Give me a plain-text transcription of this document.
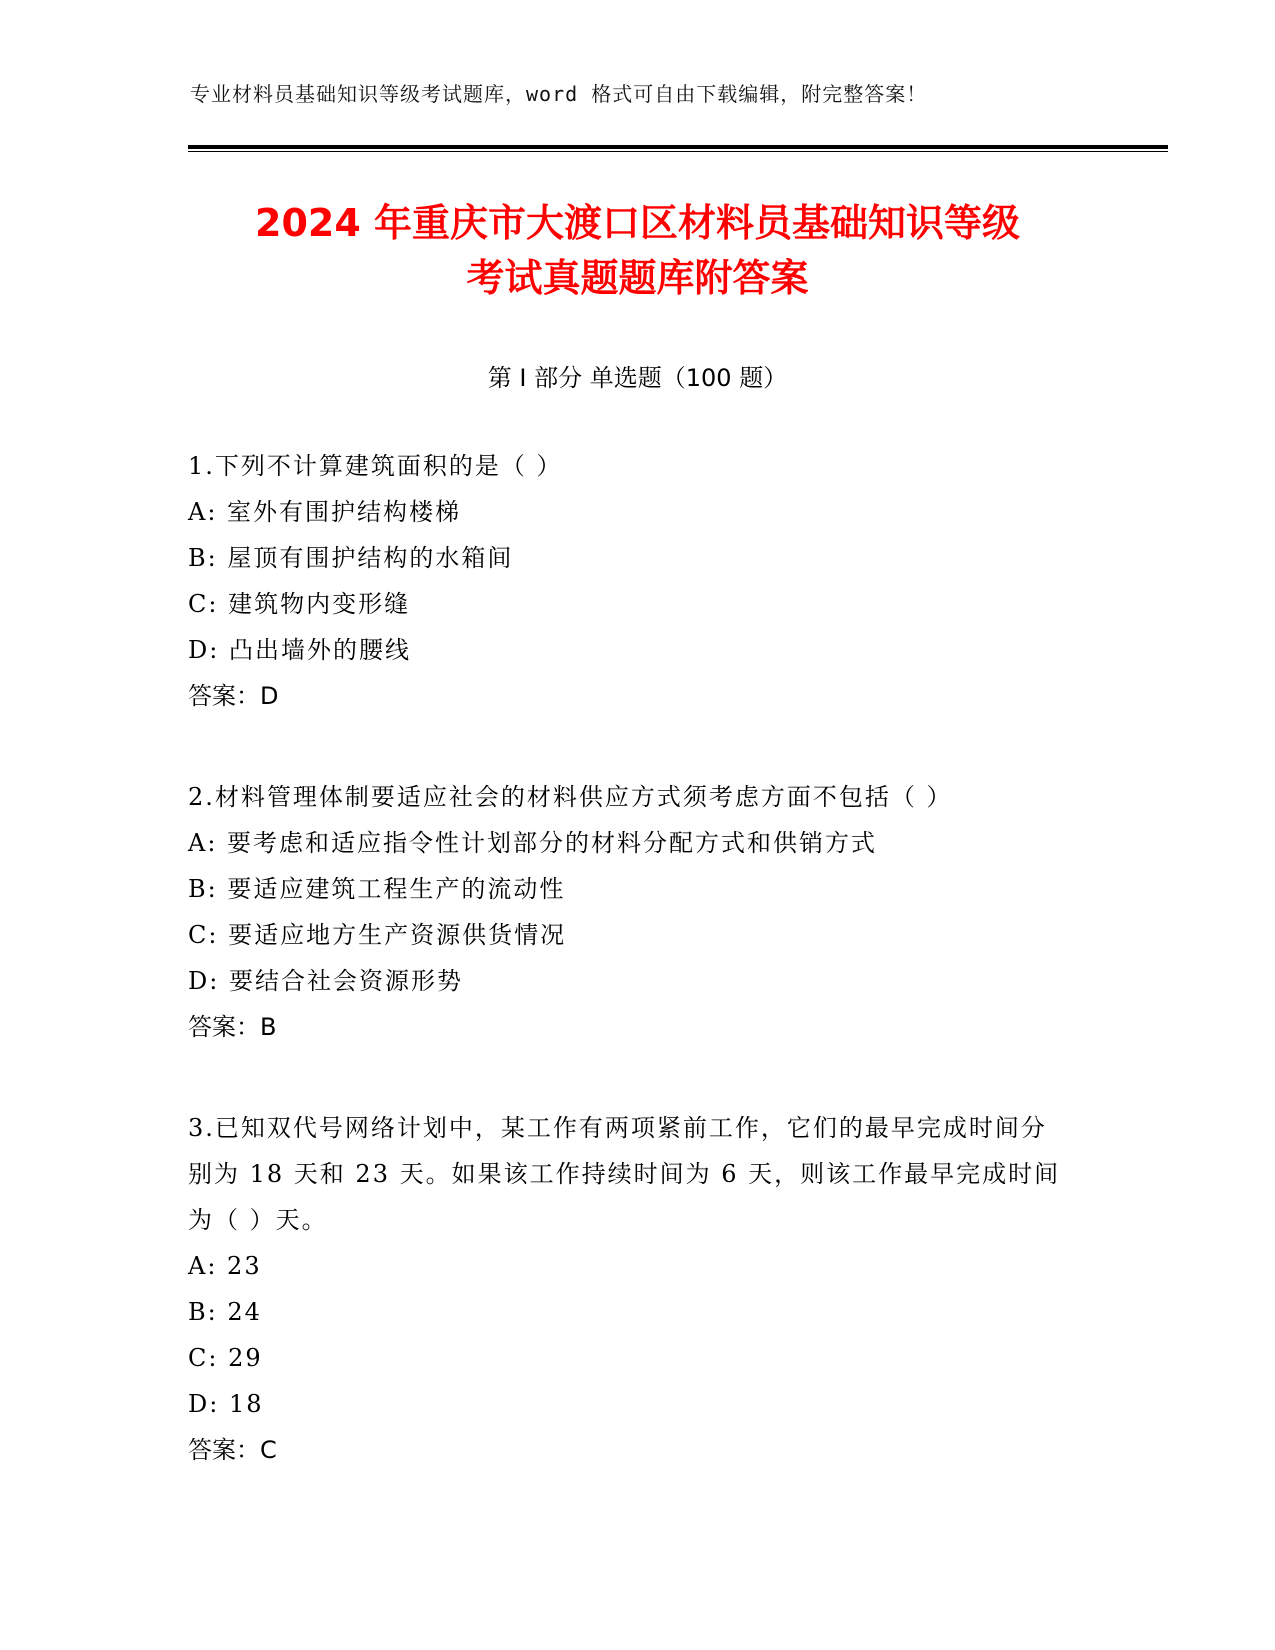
专业材料员基础知识等级考试题库，word 格式可自由下载编辑，附完整答案！
2024 年重庆市大渡口区材料员基础知识等级
考试真题题库附答案
第 I 部分 单选题（100 题）

1.下列不计算建筑面积的是（ ）

A: 室外有围护结构楼梯

B: 屋顶有围护结构的水箱间

C: 建筑物内变形缝

D: 凸出墙外的腰线

答案：D

2.材料管理体制要适应社会的材料供应方式须考虑方面不包括（ ）

A: 要考虑和适应指令性计划部分的材料分配方式和供销方式

B: 要适应建筑工程生产的流动性

C: 要适应地方生产资源供货情况

D: 要结合社会资源形势

答案：B

3.已知双代号网络计划中，某工作有两项紧前工作，它们的最早完成时间分别为 18 天和 23 天。如果该工作持续时间为 6 天，则该工作最早完成时间为（ ）天。

A: 23

B: 24

C: 29

D: 18

答案：C
